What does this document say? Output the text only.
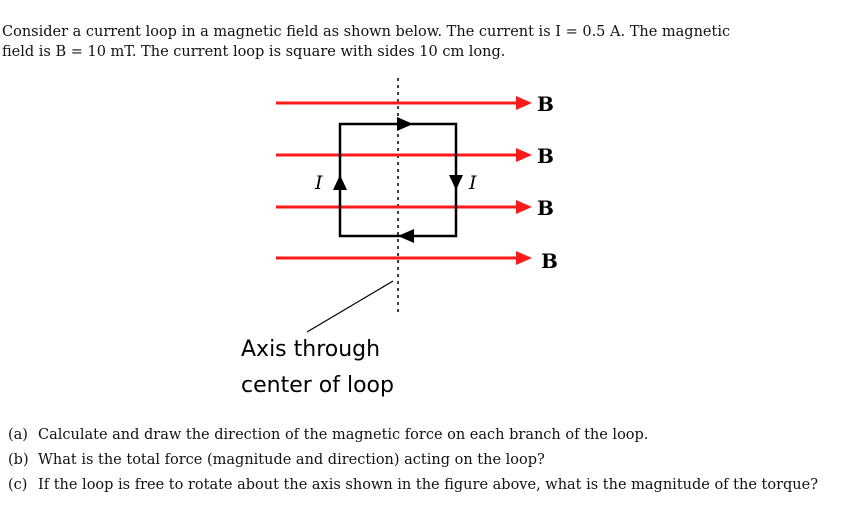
Consider a current loop in a magnetic field as shown below. The current is I = 0.5 A. The magnetic
field is B = 10 mT. The current loop is square with sides 10 cm long.

B
B
B
B
I	I
Axis through
center of loop
(a) Calculate and draw the direction of the magnetic force on each branch of the loop.
(b) What is the total force (magnitude and direction) acting on the loop?
(c) If the loop is free to rotate about the axis shown in the figure above, what is the magnitude of the torque?
